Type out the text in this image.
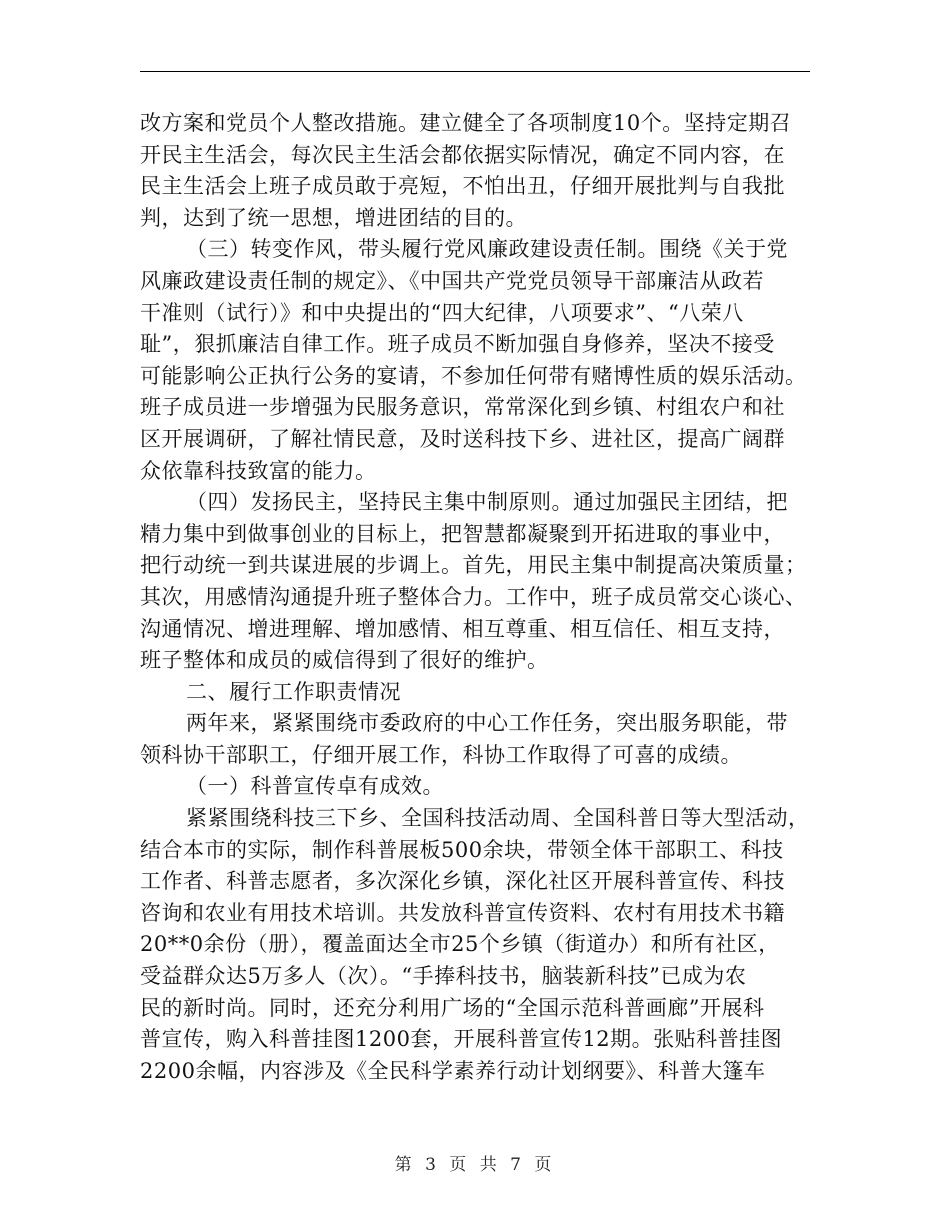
改方案和党员个人整改措施。建立健全了各项制度10个。坚持定期召
开民主生活会，每次民主生活会都依据实际情况，确定不同内容，在
民主生活会上班子成员敢于亮短，不怕出丑，仔细开展批判与自我批
判，达到了统一思想，增进团结的目的。
（三）转变作风，带头履行党风廉政建设责任制。围绕《关于党
风廉政建设责任制的规定》、《中国共产党党员领导干部廉洁从政若
干准则（试行）》和中央提出的“四大纪律，八项要求”、“八荣八
耻”，狠抓廉洁自律工作。班子成员不断加强自身修养，坚决不接受
可能影响公正执行公务的宴请，不参加任何带有赌博性质的娱乐活动。
班子成员进一步增强为民服务意识，常常深化到乡镇、村组农户和社
区开展调研，了解社情民意，及时送科技下乡、进社区，提高广阔群
众依靠科技致富的能力。
（四）发扬民主，坚持民主集中制原则。通过加强民主团结，把
精力集中到做事创业的目标上，把智慧都凝聚到开拓进取的事业中，
把行动统一到共谋进展的步调上。首先，用民主集中制提高决策质量；
其次，用感情沟通提升班子整体合力。工作中，班子成员常交心谈心、
沟通情况、增进理解、增加感情、相互尊重、相互信任、相互支持，
班子整体和成员的威信得到了很好的维护。
二、履行工作职责情况
两年来，紧紧围绕市委政府的中心工作任务，突出服务职能，带
领科协干部职工，仔细开展工作，科协工作取得了可喜的成绩。
（一）科普宣传卓有成效。
紧紧围绕科技三下乡、全国科技活动周、全国科普日等大型活动，
结合本市的实际，制作科普展板500余块，带领全体干部职工、科技
工作者、科普志愿者，多次深化乡镇，深化社区开展科普宣传、科技
咨询和农业有用技术培训。共发放科普宣传资料、农村有用技术书籍
20**0余份（册），覆盖面达全市25个乡镇（街道办）和所有社区，
受益群众达5万多人（次）。“手捧科技书，脑装新科技”已成为农
民的新时尚。同时，还充分利用广场的“全国示范科普画廊”开展科
普宣传，购入科普挂图1200套，开展科普宣传12期。张贴科普挂图
2200余幅，内容涉及《全民科学素养行动计划纲要》、科普大篷车
第 3 页 共 7 页
